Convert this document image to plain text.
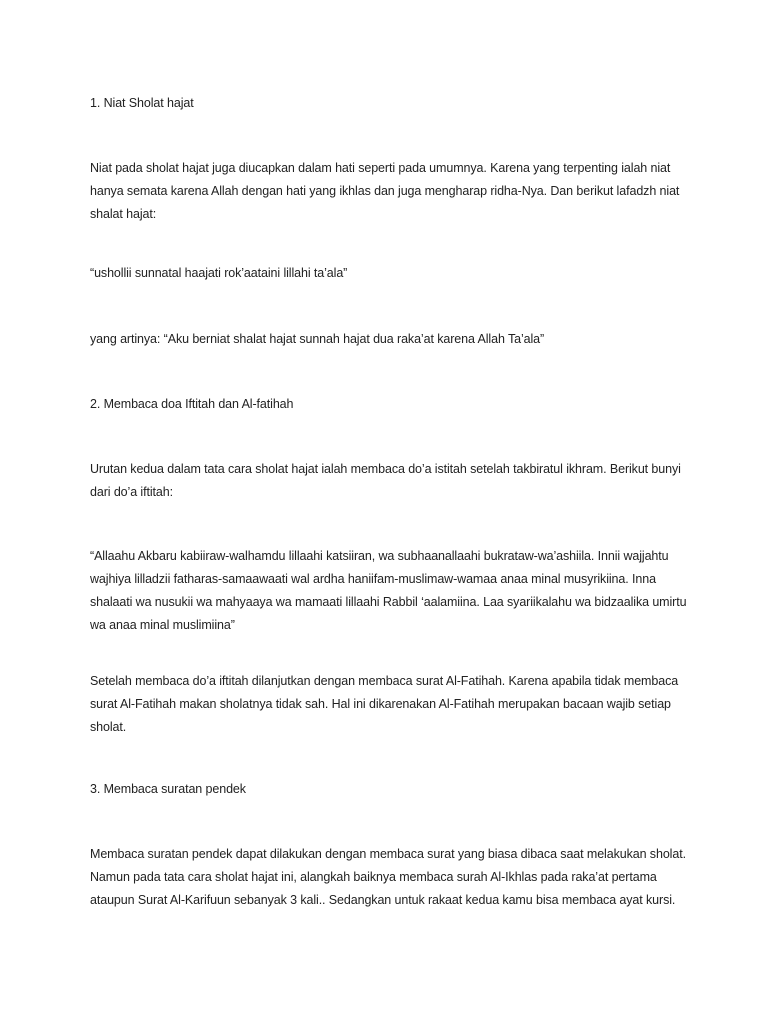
1. Niat Sholat hajat

Niat pada sholat hajat juga diucapkan dalam hati seperti pada umumnya. Karena yang terpenting ialah niat hanya semata karena Allah dengan hati yang ikhlas dan juga mengharap ridha-Nya. Dan berikut lafadzh niat shalat hajat:

“ushollii sunnatal haajati rok’aataini lillahi ta’ala”

yang artinya: “Aku berniat shalat hajat sunnah hajat dua raka’at karena Allah Ta’ala”

2. Membaca doa Iftitah dan Al-fatihah

Urutan kedua dalam tata cara sholat hajat ialah membaca do’a istitah setelah takbiratul ikhram. Berikut bunyi dari do’a iftitah:

“Allaahu Akbaru kabiiraw-walhamdu lillaahi katsiiran, wa subhaanallaahi bukrataw-wa’ashiila. Innii wajjahtu wajhiya lilladzii fatharas-samaawaati wal ardha haniifam-muslimaw-wamaa anaa minal musyrikiina. Inna shalaati wa nusukii wa mahyaaya wa mamaati lillaahi Rabbil ‘aalamiina. Laa syariikalahu wa bidzaalika umirtu wa anaa minal muslimiina”

Setelah membaca do’a iftitah dilanjutkan dengan membaca surat Al-Fatihah. Karena apabila tidak membaca surat Al-Fatihah makan sholatnya tidak sah. Hal ini dikarenakan Al-Fatihah merupakan bacaan wajib setiap sholat.

3. Membaca suratan pendek

Membaca suratan pendek dapat dilakukan dengan membaca surat yang biasa dibaca saat melakukan sholat. Namun pada tata cara sholat hajat ini, alangkah baiknya membaca surah Al-Ikhlas pada raka’at pertama ataupun Surat Al-Karifuun sebanyak 3 kali.. Sedangkan untuk rakaat kedua kamu bisa membaca ayat kursi.
